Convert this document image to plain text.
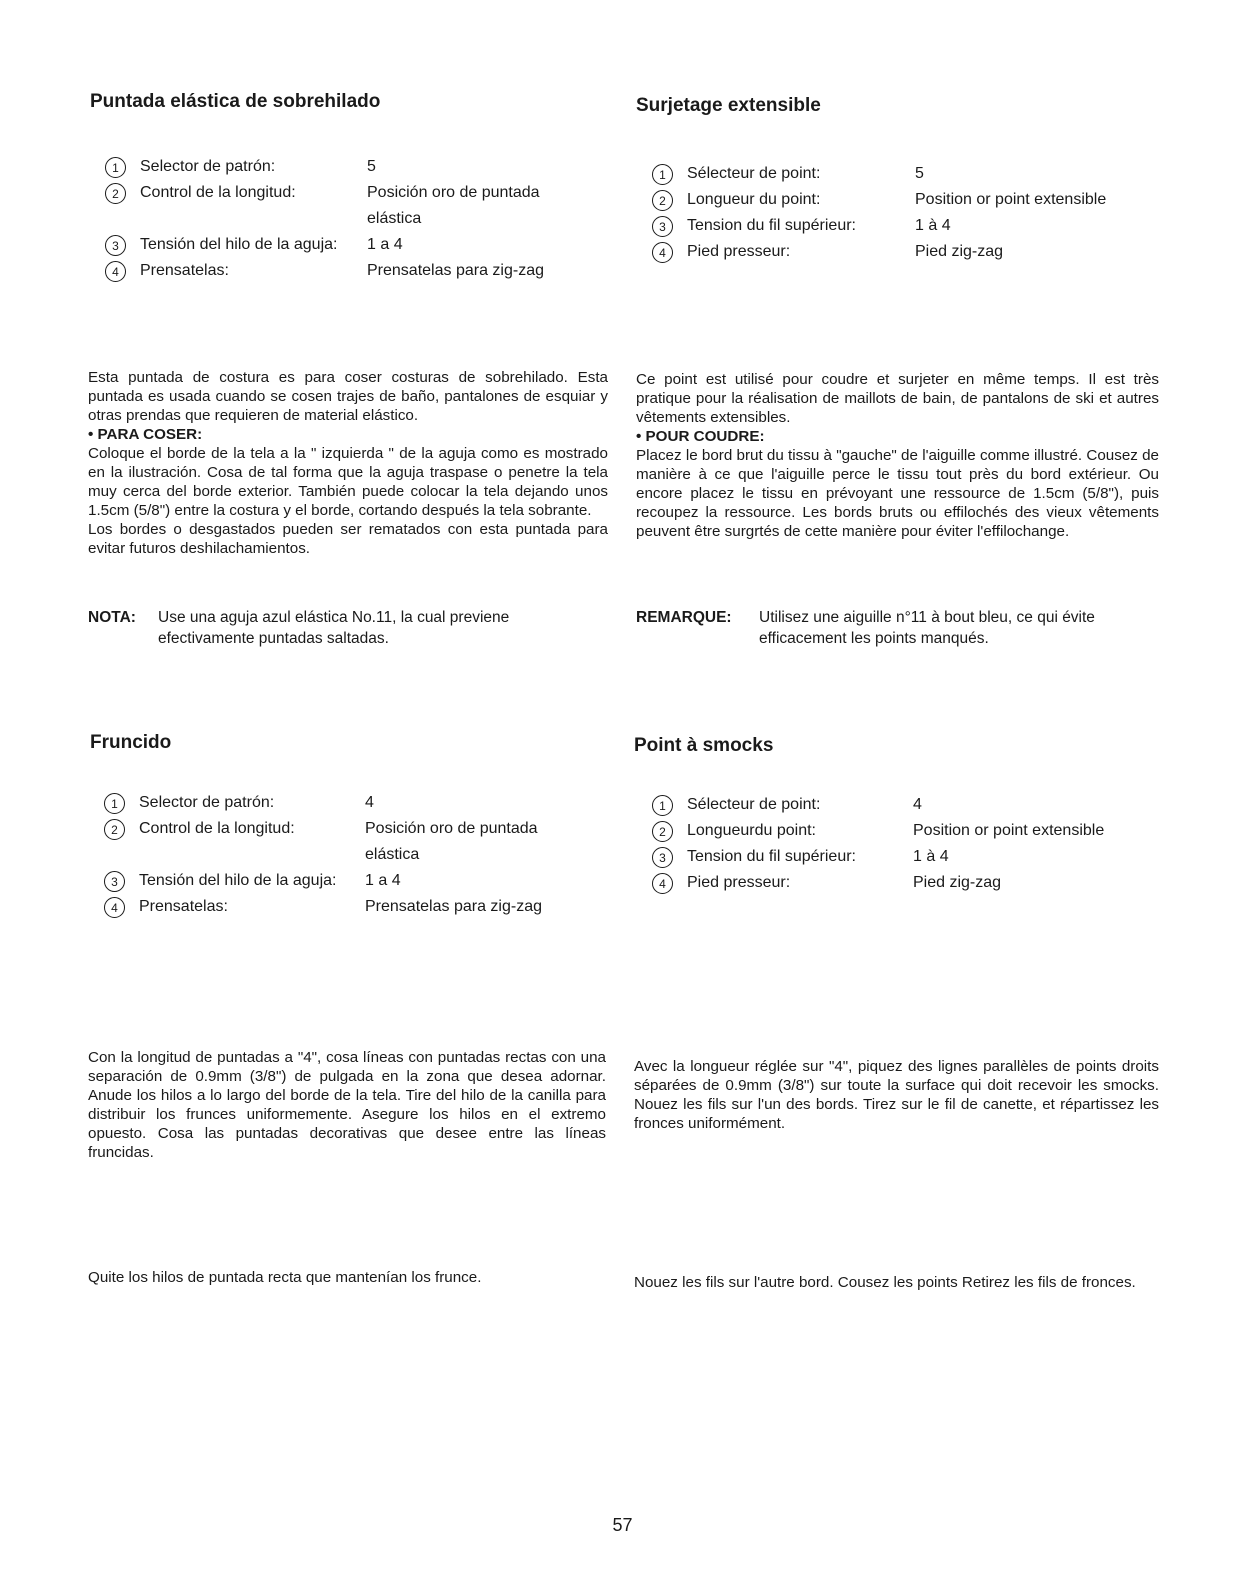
Puntada elástica de sobrehilado
1	Selector de patrón:	5
2	Control de la longitud:	Posición oro de puntada
elástica
3	Tensión del hilo de la aguja:	1 a 4
4	Prensatelas:	Prensatelas para zig-zag

Esta puntada de costura es para coser costuras de sobrehilado. Esta puntada es usada cuando se cosen trajes de baño, pantalones de esquiar y otras prendas que requieren de material elástico.

• PARA COSER:

Coloque el borde de la tela a la " izquierda " de la aguja como es mostrado en la ilustración. Cosa de tal forma que la aguja traspase o penetre la tela muy cerca del borde exterior. También puede colocar la tela dejando unos 1.5cm (5/8") entre la costura y el borde, cortando después la tela sobrante.

Los bordes o desgastados pueden ser rematados con esta puntada para evitar futuros deshilachamientos.

NOTA:	Use una aguja azul elástica No.11, la cual previene efectivamente puntadas saltadas.
Surjetage extensible
1	Sélecteur de point:	5
2	Longueur du point:	Position or point extensible
3	Tension du fil supérieur:	1 à 4
4	Pied presseur:	Pied zig-zag

Ce point est utilisé pour coudre et surjeter en même temps. Il est très pratique pour la réalisation de maillots de bain, de pantalons de ski et autres vêtements extensibles.

• POUR COUDRE:

Placez le bord brut du tissu à "gauche" de l'aiguille comme illustré. Cousez de manière à ce que l'aiguille perce le tissu tout près du bord extérieur. Ou encore placez le tissu en prévoyant une ressource de 1.5cm (5/8"), puis recoupez la ressource. Les bords bruts ou effilochés des vieux vêtements peuvent être surgrtés de cette manière pour éviter l'effilochange.

REMARQUE:	Utilisez une aiguille n°11 à bout bleu, ce qui évite efficacement les points manqués.
Fruncido
1	Selector de patrón:	4
2	Control de la longitud:	Posición oro de puntada
elástica
3	Tensión del hilo de la aguja:	1 a 4
4	Prensatelas:	Prensatelas para zig-zag

Con la longitud de puntadas a "4", cosa líneas con puntadas rectas con una separación de 0.9mm (3/8") de pulgada en la zona que desea adornar. Anude los hilos a lo largo del borde de la tela. Tire del hilo de la canilla para distribuir los frunces uniformemente. Asegure los hilos en el extremo opuesto. Cosa las puntadas decorativas que desee entre las líneas fruncidas.

Quite los hilos de puntada recta que mantenían los frunce.

Point à smocks
1	Sélecteur de point:	4
2	Longueurdu point:	Position or point extensible
3	Tension du fil supérieur:	1 à 4
4	Pied presseur:	Pied zig-zag

Avec la longueur réglée sur "4", piquez des lignes parallèles de points droits séparées de 0.9mm (3/8") sur toute la surface qui doit recevoir les smocks. Nouez les fils sur l'un des bords. Tirez sur le fil de canette, et répartissez les fronces uniformément.

Nouez les fils sur l'autre bord. Cousez les points Retirez les fils de fronces.

57
